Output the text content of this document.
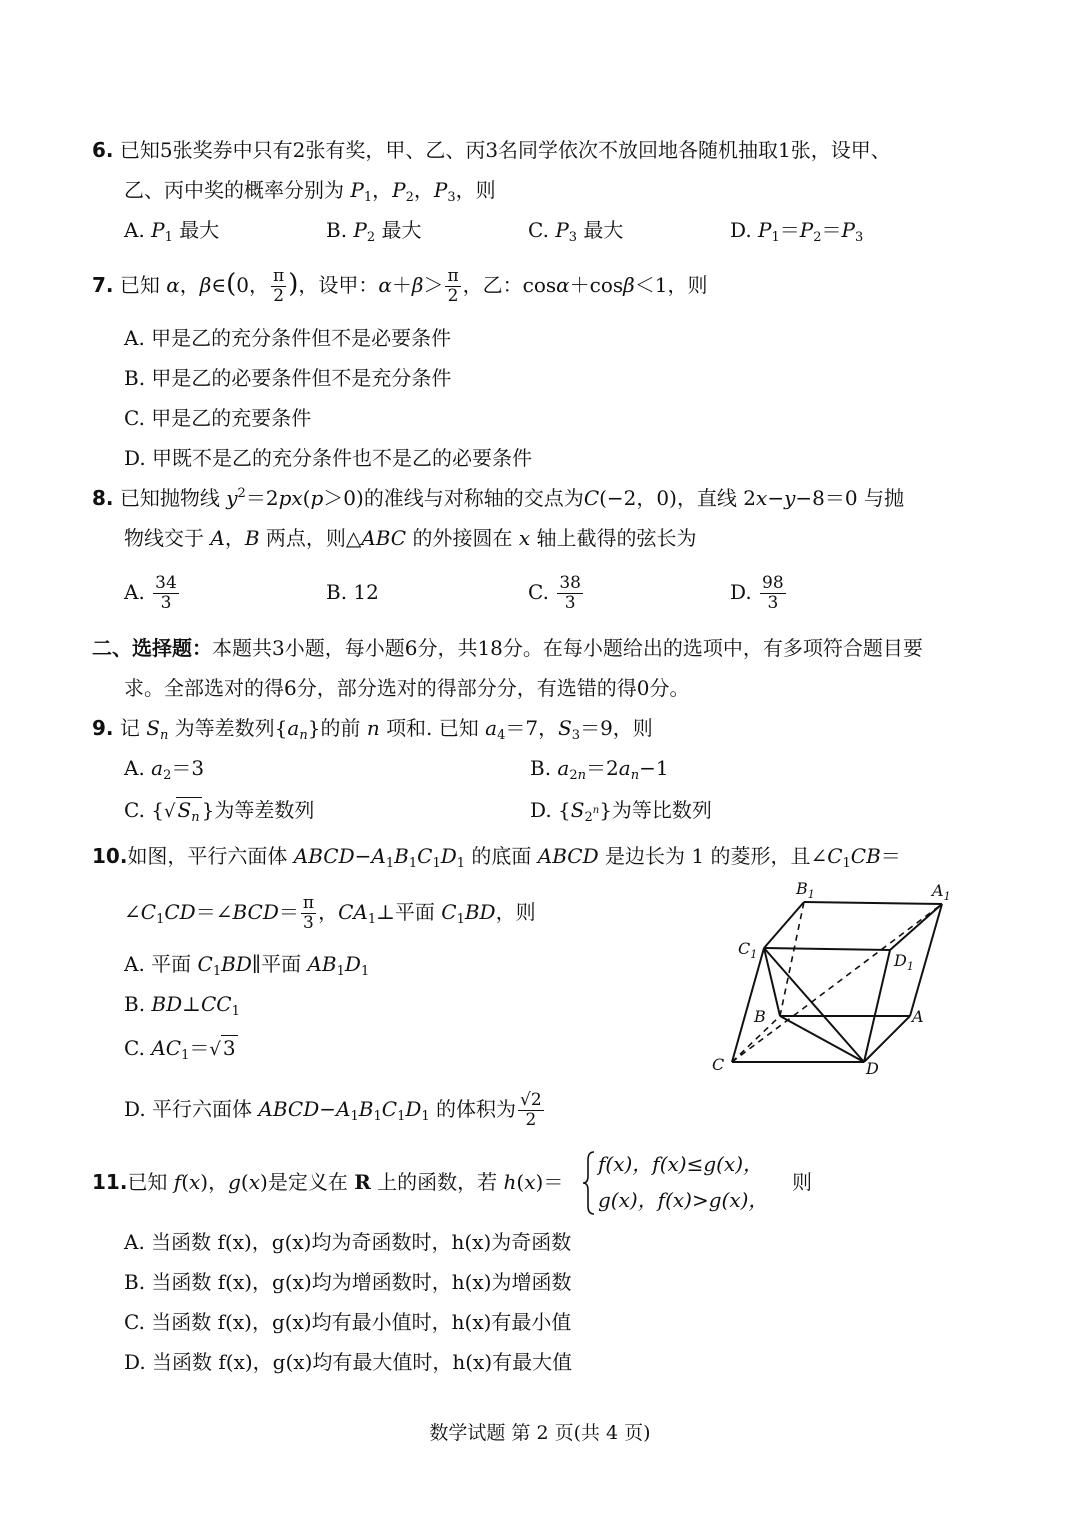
6. 已知5张奖券中只有2张有奖，甲、乙、丙3名同学依次不放回地各随机抽取1张，设甲、
乙、丙中奖的概率分别为 $P_1$，$P_2$，$P_3$，则
A. $P_1$ 最大	B. $P_2$ 最大	C. $P_3$ 最大	D. $P_1=P_2=P_3$
7. 已知 α，β∈(0， $\frac{\pi}{2}$ )，设甲：$\alpha+\beta> \frac{\pi}{2}$ ，乙：cosα＋cosβ＜1，则
A. 甲是乙的充分条件但不是必要条件
B. 甲是乙的必要条件但不是充分条件
C. 甲是乙的充要条件
D. 甲既不是乙的充分条件也不是乙的必要条件
8. 已知抛物线 $y^2=2px(p>0)$的准线与对称轴的交点为C(−2，0)，直线 2x−y−8＝0 与抛
物线交于 A，B 两点，则△ABC 的外接圆在 x 轴上截得的弦长为
A. $\frac{34}{3}$	B. 12	C. $\frac{38}{3}$	D. $\frac{98}{3}$
二、选择题：本题共3小题，每小题6分，共18分。在每小题给出的选项中，有多项符合题目要
求。全部选对的得6分，部分选对的得部分分，有选错的得0分。
9. 记 $S_n$ 为等差数列$\{a_n\}$的前 n 项和. 已知 $a_4=7$，$S_3=9$，则
A. $a_2=3$	B. $a_{2n}=2a_n-1$
C. {√ $S_n$ }为等差数列	D. $\{S_{2^n}\}$为等比数列
10.如图，平行六面体 $ABCD-A_1B_1C_1D_1$ 的底面 ABCD 是边长为 1 的菱形，且$\angle C_1CB=$
$\angle C_1CD=\angle BCD= \frac{\pi}{3}$ ，$CA_1\perp$平面 $C_1BD$，则
A. 平面 $C_1BD\parallel$平面 $AB_1D_1$
B. $BD\perp CC_1$
C. $AC_1=√$ 3
D. 平行六面体 $ABCD-A_1B_1C_1D_1$ 的体积为 $\frac{√2}{2}$
$B_1$	$A_1$
$C_1$	$D_1$
B	A
C	D
11.已知 f(x)，g(x)是定义在 R 上的函数，若 h(x)＝
f(x)，f(x)≤g(x)，
g(x)，f(x)>g(x)，
则
A. 当函数 f(x)，g(x)均为奇函数时，h(x)为奇函数
B. 当函数 f(x)，g(x)均为增函数时，h(x)为增函数
C. 当函数 f(x)，g(x)均有最小值时，h(x)有最小值
D. 当函数 f(x)，g(x)均有最大值时，h(x)有最大值
数学试题 第 2 页(共 4 页)
